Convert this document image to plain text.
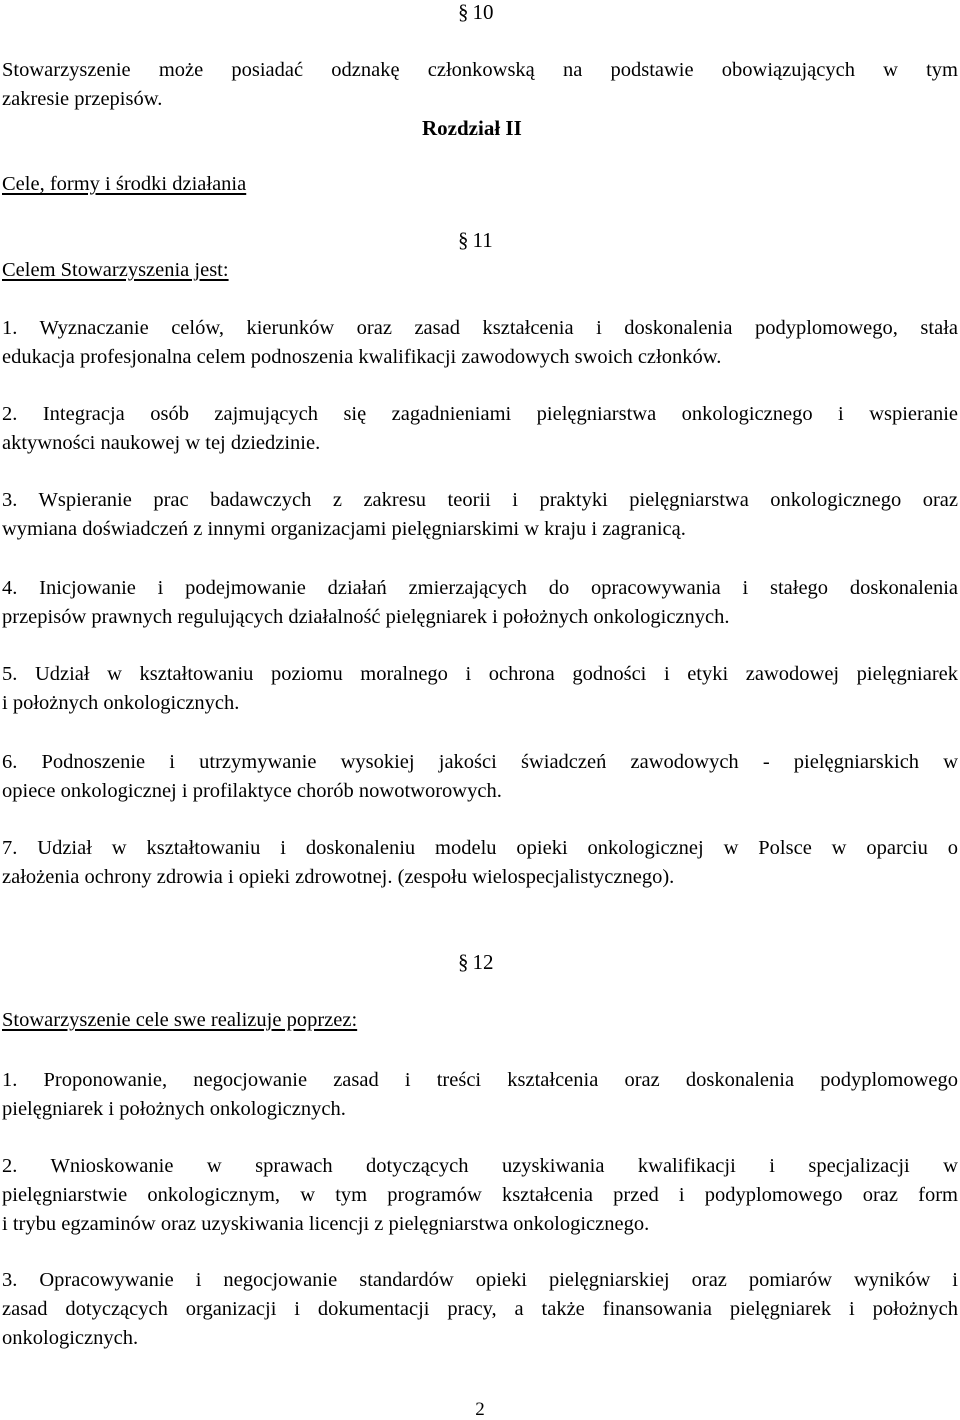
§ 10
Stowarzyszenie może posiadać odznakę członkowską na podstawie obowiązujących w tym
zakresie przepisów.
Rozdział II
Cele, formy i środki działania
§ 11
Celem Stowarzyszenia jest:
1. Wyznaczanie celów, kierunków oraz zasad kształcenia i doskonalenia podyplomowego, stała
edukacja profesjonalna celem podnoszenia kwalifikacji zawodowych swoich członków.
2. Integracja osób zajmujących się zagadnieniami pielęgniarstwa onkologicznego i wspieranie
aktywności naukowej w tej dziedzinie.
3. Wspieranie prac badawczych z zakresu teorii i praktyki pielęgniarstwa onkologicznego oraz
wymiana doświadczeń z innymi organizacjami pielęgniarskimi w kraju i zagranicą.
4. Inicjowanie i podejmowanie działań zmierzających do opracowywania i stałego doskonalenia
przepisów prawnych regulujących działalność pielęgniarek i położnych onkologicznych.
5. Udział w kształtowaniu poziomu moralnego i ochrona godności i etyki zawodowej pielęgniarek
i położnych onkologicznych.
6. Podnoszenie i utrzymywanie wysokiej jakości świadczeń zawodowych - pielęgniarskich w
opiece onkologicznej i profilaktyce chorób nowotworowych.
7. Udział w kształtowaniu i doskonaleniu modelu opieki onkologicznej w Polsce w oparciu o
założenia ochrony zdrowia i opieki zdrowotnej. (zespołu wielospecjalistycznego).
§ 12
Stowarzyszenie cele swe realizuje poprzez:
1. Proponowanie, negocjowanie zasad i treści kształcenia oraz doskonalenia podyplomowego
pielęgniarek i położnych onkologicznych.
2. Wnioskowanie w sprawach dotyczących uzyskiwania kwalifikacji i specjalizacji w
pielęgniarstwie onkologicznym, w tym programów kształcenia przed i podyplomowego oraz form
i trybu egzaminów oraz uzyskiwania licencji z pielęgniarstwa onkologicznego.
3. Opracowywanie i negocjowanie standardów opieki pielęgniarskiej oraz pomiarów wyników i
zasad dotyczących organizacji i dokumentacji pracy, a także finansowania pielęgniarek i położnych
onkologicznych.
2
